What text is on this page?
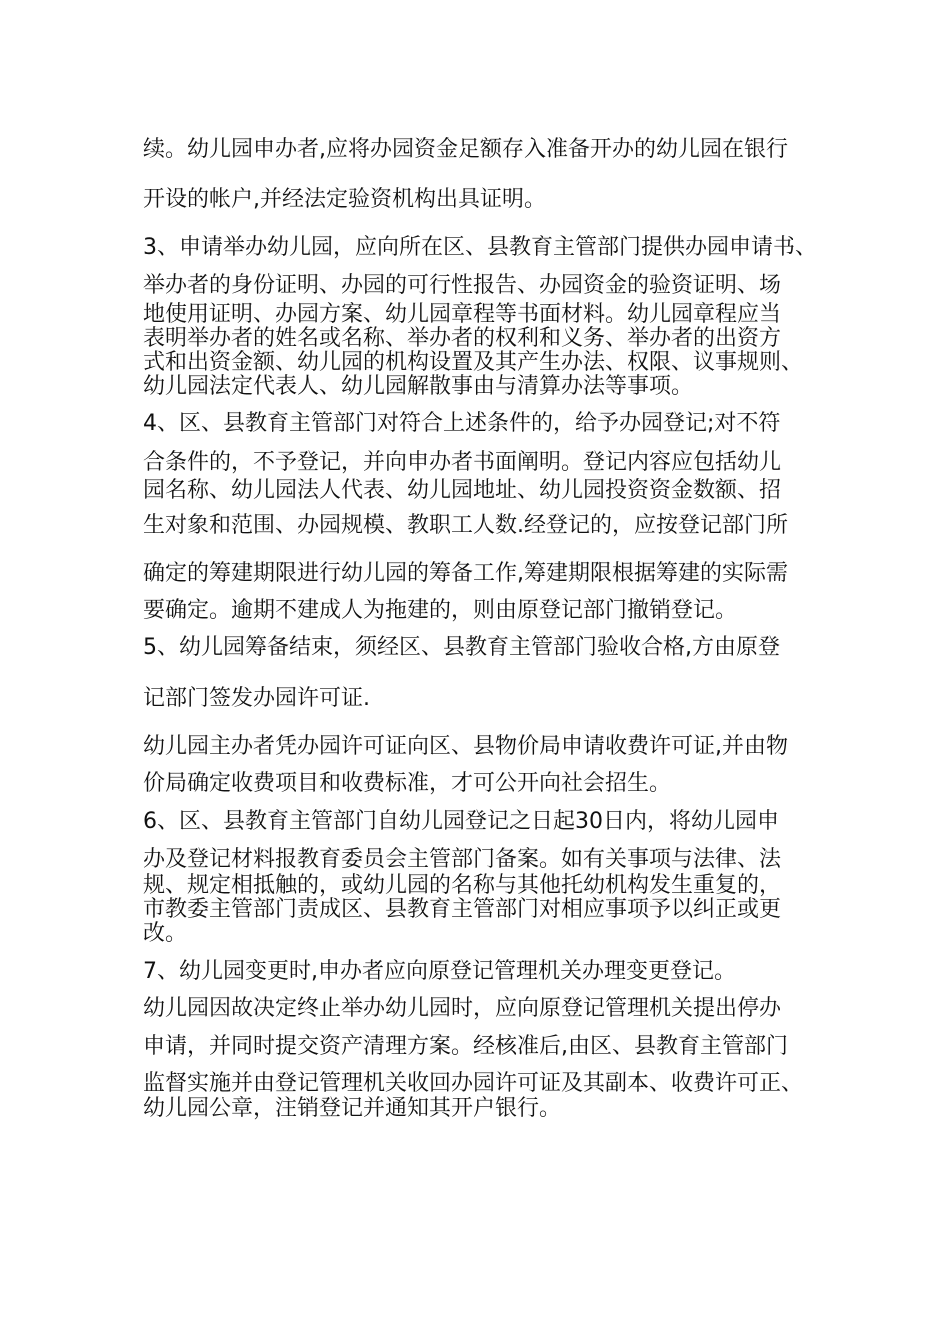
续。幼儿园申办者,应将办园资金足额存入准备开办的幼儿园在银行

开设的帐户,并经法定验资机构出具证明。

3、申请举办幼儿园，应向所在区、县教育主管部门提供办园申请书、

举办者的身份证明、办园的可行性报告、办园资金的验资证明、场

地使用证明、办园方案、幼儿园章程等书面材料。幼儿园章程应当

表明举办者的姓名或名称、举办者的权利和义务、举办者的出资方

式和出资金额、幼儿园的机构设置及其产生办法、权限、议事规则、

幼儿园法定代表人、幼儿园解散事由与清算办法等事项。

4、区、县教育主管部门对符合上述条件的，给予办园登记;对不符

合条件的，不予登记，并向申办者书面阐明。登记内容应包括幼儿

园名称、幼儿园法人代表、幼儿园地址、幼儿园投资资金数额、招

生对象和范围、办园规模、教职工人数.经登记的，应按登记部门所

确定的筹建期限进行幼儿园的筹备工作,筹建期限根据筹建的实际需

要确定。逾期不建成人为拖建的，则由原登记部门撤销登记。

5、幼儿园筹备结束，须经区、县教育主管部门验收合格,方由原登

记部门签发办园许可证.

幼儿园主办者凭办园许可证向区、县物价局申请收费许可证,并由物

价局确定收费项目和收费标准，才可公开向社会招生。

6、区、县教育主管部门自幼儿园登记之日起30日内，将幼儿园申

办及登记材料报教育委员会主管部门备案。如有关事项与法律、法

规、规定相抵触的，或幼儿园的名称与其他托幼机构发生重复的，

市教委主管部门责成区、县教育主管部门对相应事项予以纠正或更

改。

7、幼儿园变更时,申办者应向原登记管理机关办理变更登记。

幼儿园因故决定终止举办幼儿园时，应向原登记管理机关提出停办

申请，并同时提交资产清理方案。经核准后,由区、县教育主管部门

监督实施并由登记管理机关收回办园许可证及其副本、收费许可正、

幼儿园公章，注销登记并通知其开户银行。
